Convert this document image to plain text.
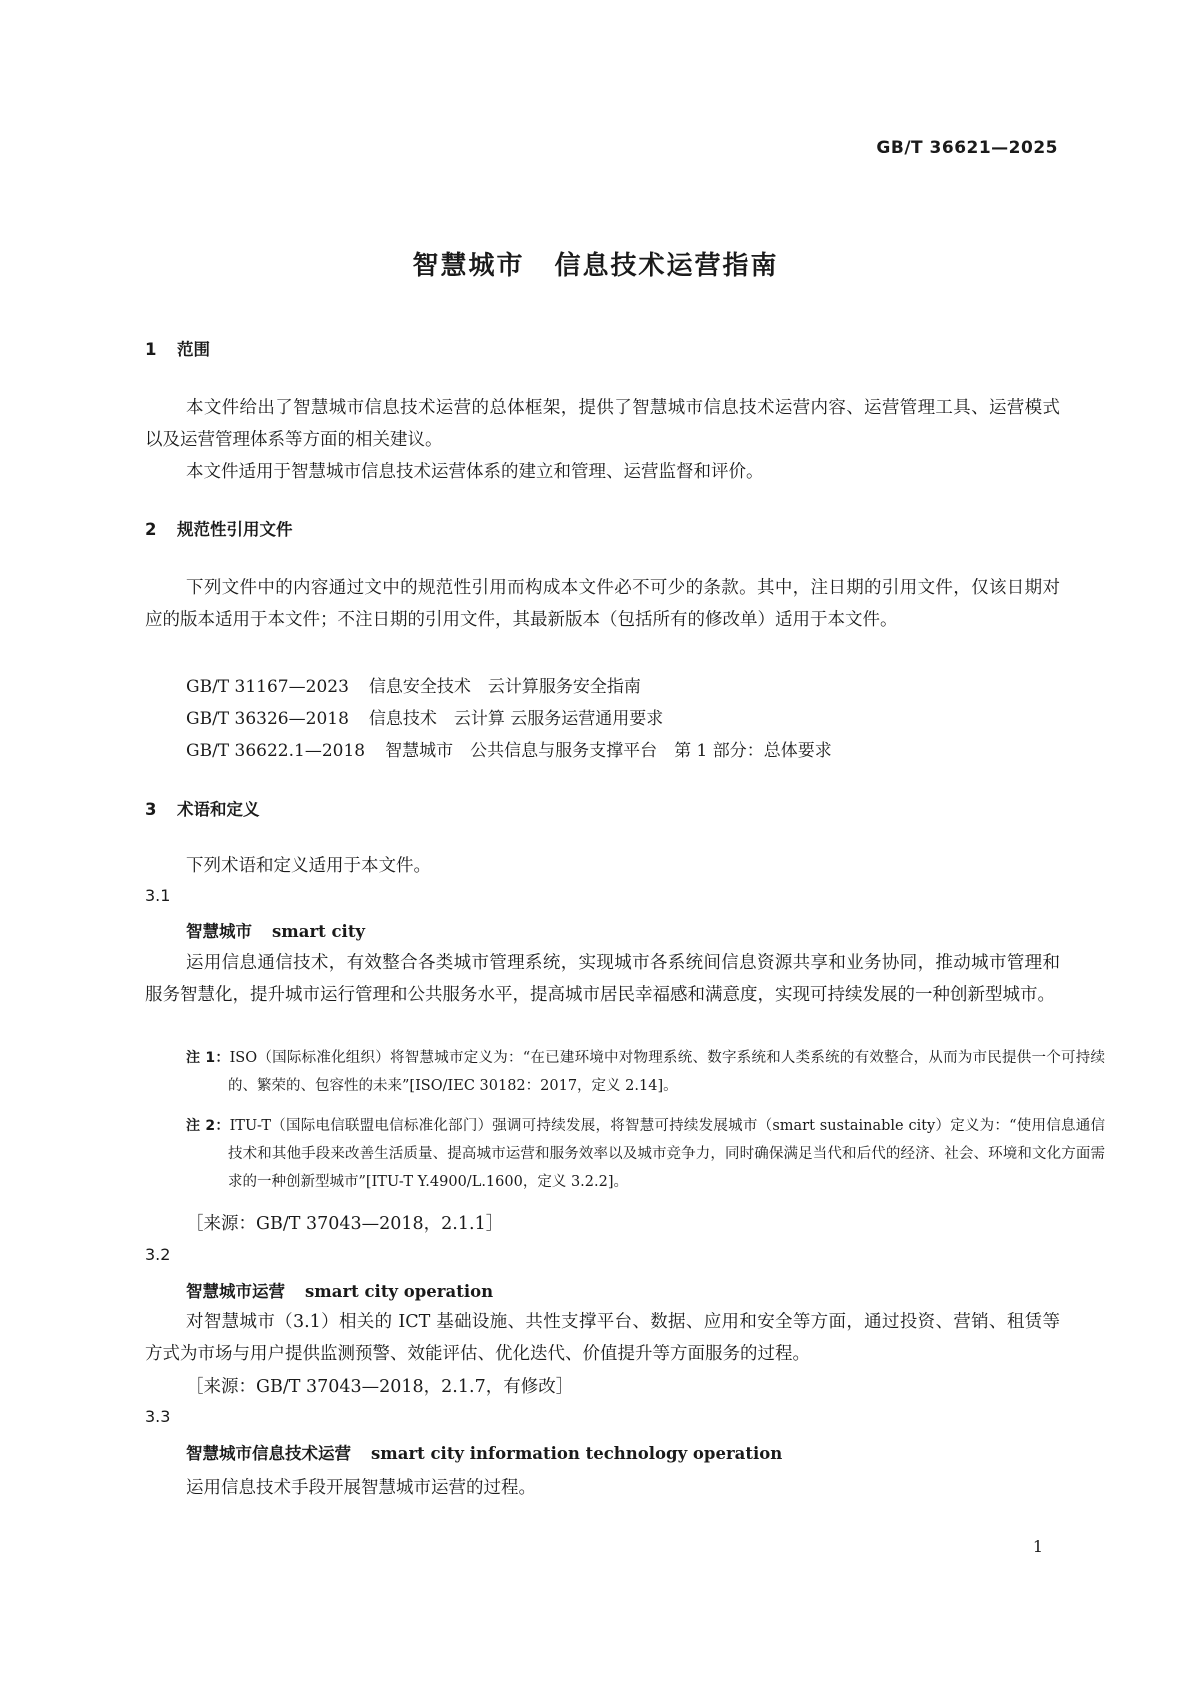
GB/T 36621—2025
智慧城市 信息技术运营指南
1 范围
本文件给出了智慧城市信息技术运营的总体框架，提供了智慧城市信息技术运营内容、运营管理工具、运营模式以及运营管理体系等方面的相关建议。
本文件适用于智慧城市信息技术运营体系的建立和管理、运营监督和评价。
2 规范性引用文件
下列文件中的内容通过文中的规范性引用而构成本文件必不可少的条款。其中，注日期的引用文件，仅该日期对应的版本适用于本文件；不注日期的引用文件，其最新版本（包括所有的修改单）适用于本文件。
GB/T 31167—2023 信息安全技术　云计算服务安全指南
GB/T 36326—2018 信息技术　云计算 云服务运营通用要求
GB/T 36622.1—2018 智慧城市　公共信息与服务支撑平台　第 1 部分：总体要求
3 术语和定义
下列术语和定义适用于本文件。
3.1
智慧城市 smart city
运用信息通信技术，有效整合各类城市管理系统，实现城市各系统间信息资源共享和业务协同，推动城市管理和服务智慧化，提升城市运行管理和公共服务水平，提高城市居民幸福感和满意度，实现可持续发展的一种创新型城市。
注 1：ISO（国际标准化组织）将智慧城市定义为：“在已建环境中对物理系统、数字系统和人类系统的有效整合，从而为市民提供一个可持续的、繁荣的、包容性的未来”[ISO/IEC 30182：2017，定义 2.14]。
注 2：ITU-T（国际电信联盟电信标准化部门）强调可持续发展，将智慧可持续发展城市（smart sustainable city）定义为：“使用信息通信技术和其他手段来改善生活质量、提高城市运营和服务效率以及城市竞争力，同时确保满足当代和后代的经济、社会、环境和文化方面需求的一种创新型城市”[ITU-T Y.4900/L.1600，定义 3.2.2]。
［来源：GB/T 37043—2018，2.1.1］
3.2
智慧城市运营 smart city operation
对智慧城市（3.1）相关的 ICT 基础设施、共性支撑平台、数据、应用和安全等方面，通过投资、营销、租赁等方式为市场与用户提供监测预警、效能评估、优化迭代、价值提升等方面服务的过程。
［来源：GB/T 37043—2018，2.1.7，有修改］
3.3
智慧城市信息技术运营 smart city information technology operation
运用信息技术手段开展智慧城市运营的过程。
1
